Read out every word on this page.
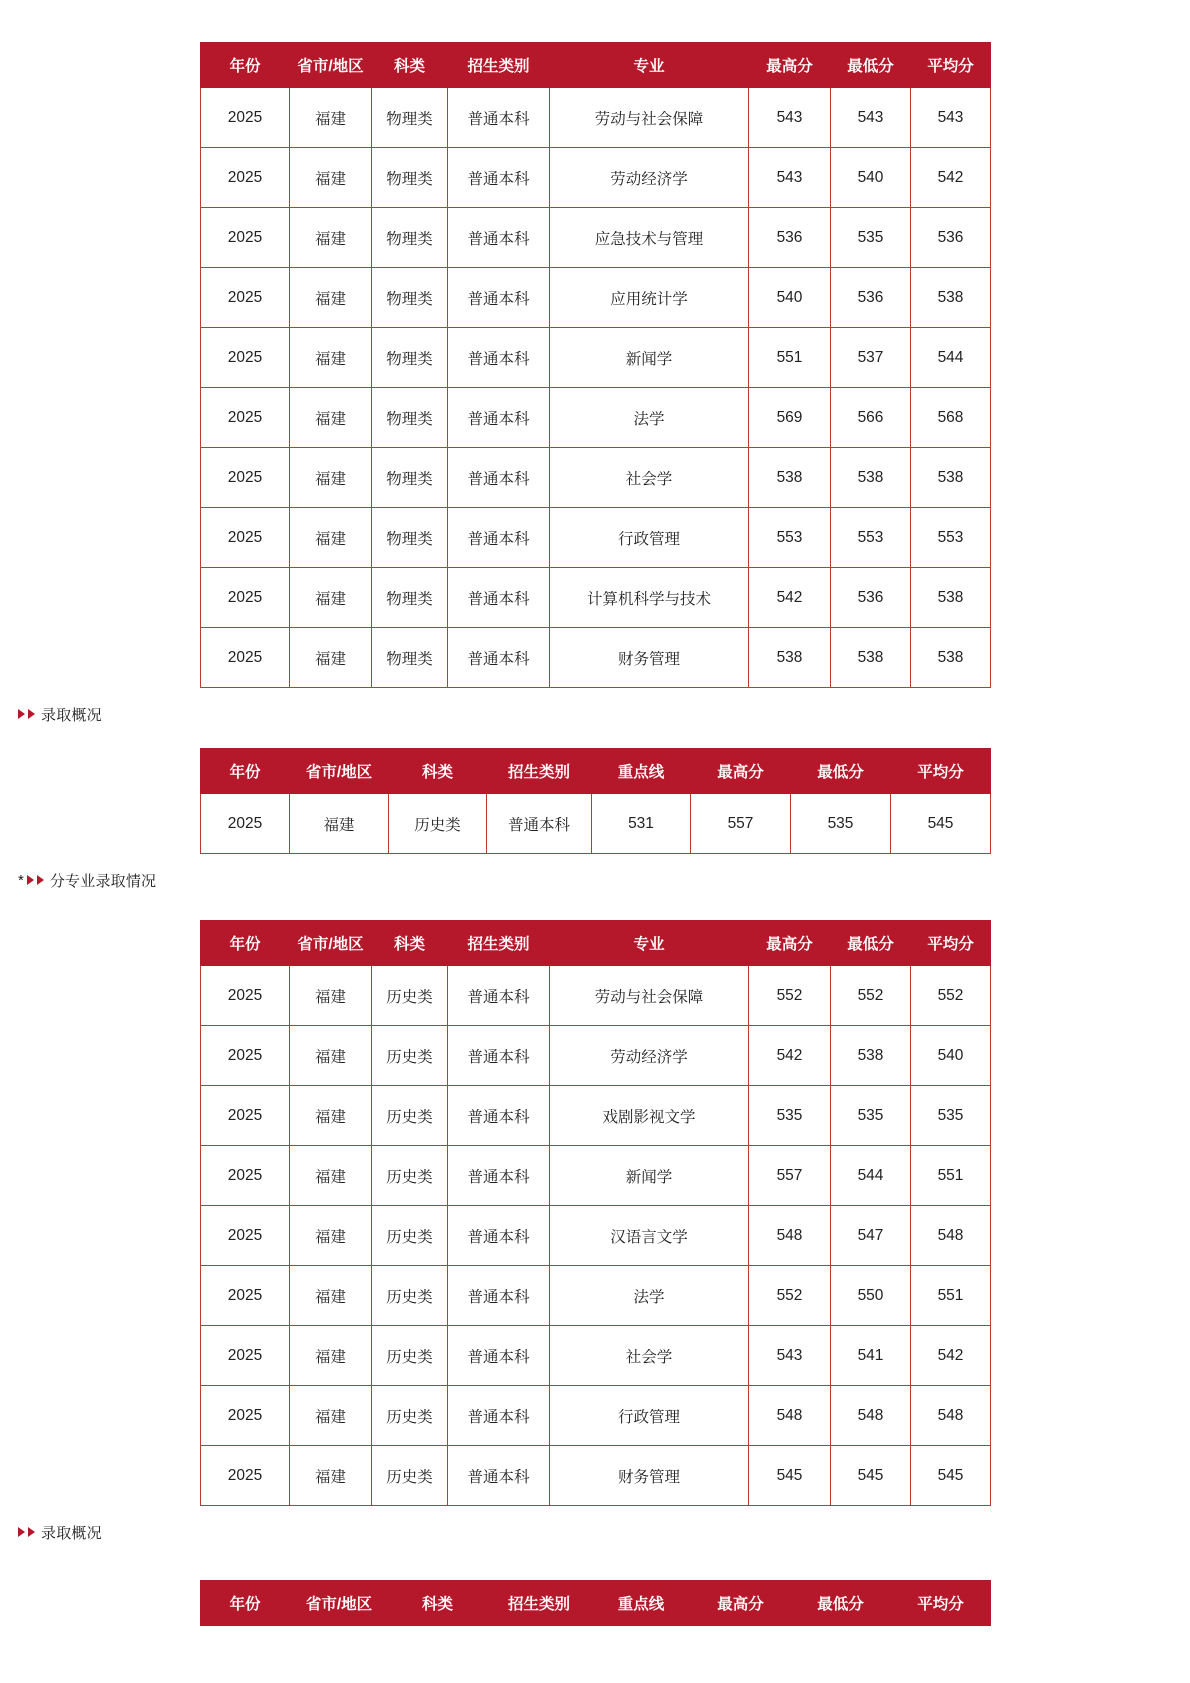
年份	省市/地区	科类	招生类别	专业	最高分	最低分	平均分
2025	福建	物理类	普通本科	劳动与社会保障	543	543	543
2025	福建	物理类	普通本科	劳动经济学	543	540	542
2025	福建	物理类	普通本科	应急技术与管理	536	535	536
2025	福建	物理类	普通本科	应用统计学	540	536	538
2025	福建	物理类	普通本科	新闻学	551	537	544
2025	福建	物理类	普通本科	法学	569	566	568
2025	福建	物理类	普通本科	社会学	538	538	538
2025	福建	物理类	普通本科	行政管理	553	553	553
2025	福建	物理类	普通本科	计算机科学与技术	542	536	538
2025	福建	物理类	普通本科	财务管理	538	538	538
录取概况
年份	省市/地区	科类	招生类别	重点线	最高分	最低分	平均分
2025	福建	历史类	普通本科	531	557	535	545
* 分专业录取情况
年份	省市/地区	科类	招生类别	专业	最高分	最低分	平均分
2025	福建	历史类	普通本科	劳动与社会保障	552	552	552
2025	福建	历史类	普通本科	劳动经济学	542	538	540
2025	福建	历史类	普通本科	戏剧影视文学	535	535	535
2025	福建	历史类	普通本科	新闻学	557	544	551
2025	福建	历史类	普通本科	汉语言文学	548	547	548
2025	福建	历史类	普通本科	法学	552	550	551
2025	福建	历史类	普通本科	社会学	543	541	542
2025	福建	历史类	普通本科	行政管理	548	548	548
2025	福建	历史类	普通本科	财务管理	545	545	545
录取概况
年份	省市/地区	科类	招生类别	重点线	最高分	最低分	平均分
